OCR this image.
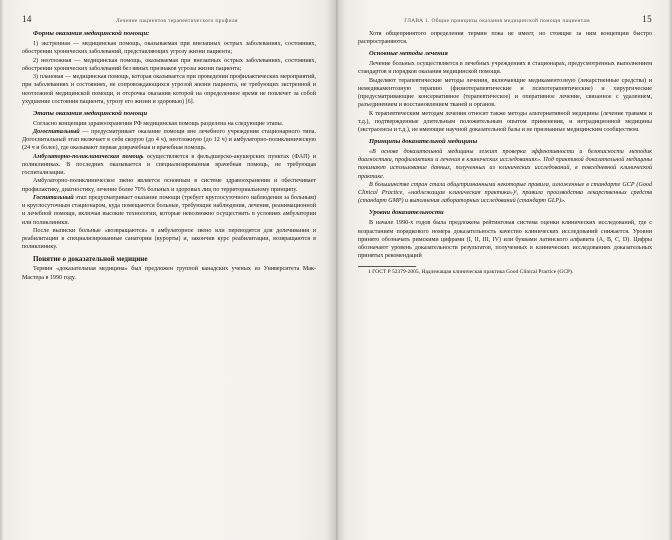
14	Лечение пациентов терапевтического профиля
Формы оказания медицинской помощи:

1) экстренная — медицинская помощь, оказываемая при внезапных острых заболеваниях, состояниях, обострении хронических заболеваний, представляющих угрозу жизни пациента;

2) неотложная — медицинская помощь, оказываемая при внезапных острых заболеваниях, состояниях, обострении хронических заболеваний без явных признаков угрозы жизни пациента;

3) плановая — медицинская помощь, которая оказывается при проведении профилактических мероприятий, при заболеваниях и состояниях, не сопровождающихся угрозой жизни пациента, не требующих экстренной и неотложной медицинской помощи, и отсрочка оказания которой на определенное время не повлечет за собой ухудшение состояния пациента, угрозу его жизни и здоровью) [6].

Этапы оказания медицинской помощи

Согласно концепции здравоохранения РФ медицинская помощь разделена на следующие этапы.

Догоспитальный — предусматривает оказание помощи вне лечебного учреждения стационарного типа. Догоспитальный этап включает в себя скорую (до 4 ч), неотложную (до 12 ч) и амбулаторно-поликлиническую (24 ч и более), где оказывают первая доврачебная и врачебная помощь.

Амбулаторно-поликлиническая помощь осуществляется в фельдшерско-акушерских пунктах (ФАП) и поликлиниках. В последних оказывается и специализированная врачебная помощь, не требующая госпитализации.

Амбулаторно-поликлиническое звено является основным в системе здравоохранения и обеспечивает профилактику, диагностику, лечение более 70% больных и здоровых лиц по территориальному принципу.

Госпитальный этап предусматривает оказание помощи (требует круглосуточного наблюдения за больным) и круглосуточным стационаром, куда помещаются больные, требующие наблюдения, лечения, реанимационной и лечебной помощи, включая высокие технологии, которые невозможно осуществить в условиях амбулатории или поликлиники.

После выписки больные «возвращаются» в амбулаторное звено или переводятся для долечивания и реабилитации в специализированные санатории (курорты) и, закончив курс реабилитации, возвращаются в поликлинику.

Понятие о доказательной медицине

Термин «доказательная медицина» был предложен группой канадских ученых из Университета Мак-Мастера в 1990 году.

ГЛАВА 1. Общие принципы оказания медицинской помощи пациентам	15

Хотя общепринятого определения термин пока не имеет, но стоящие за ним концепции быстро распространяются.

Основные методы лечения

Лечение больных осуществляется в лечебных учреждениях в стационарах, предусмотренных выполнением стандартов и порядков оказания медицинской помощи.

Выделяют терапевтические методы лечения, включающие медикаментозную (лекарственные средства) и немедикаментозную терапию (физиотерапевтические и психотерапевтические) и хирургические (предусматривающие консервативное (терапевтическое) и оперативное лечение, связанное с удалением, разъединением и восстановлением тканей и органов.

К терапевтическим методам лечения относят также методы альтернативной медицины (лечение травами и т.д.), подтвержденные длительным положительным опытом применения, и нетрадиционной медицины (экстрасенсы и т.д.), не имеющие научной доказательной базы и не признанные медицинским сообществом.

Принципы доказательной медицины

«В основе доказательной медицины лежит проверка эффективности и безопасности методик диагностики, профилактики и лечения в клинических исследованиях». Под практикой доказательной медицины понимают использование данных, полученных из клинических исследований, в повседневной клинической практике.

В большинстве стран стали общепризнанными некоторые правила, изложенные в стандарте GCP (Good Clinical Practice, «надлежащая клиническая практика»)¹, правила производства лекарственных средств (стандарт GMP) и выполнения лабораторных исследований (стандарт GLP)».

Уровни доказательности

В начале 1990-х годов была предложена рейтинговая система оценки клинических исследований, где с возрастанием порядкового номера доказательность качество клинических исследований снижается. Уровни принято обозначать римскими цифрами (I, II, III, IV) или буквами латинского алфавита (A, B, C, D). Цифры обозначают уровень доказательности результатов, полученных в клинических исследованиях доказательных принятых рекомендаций

1 ГОСТ Р 52379-2005, Надлежащая клиническая практика Good Clinical Practice (GCP).
